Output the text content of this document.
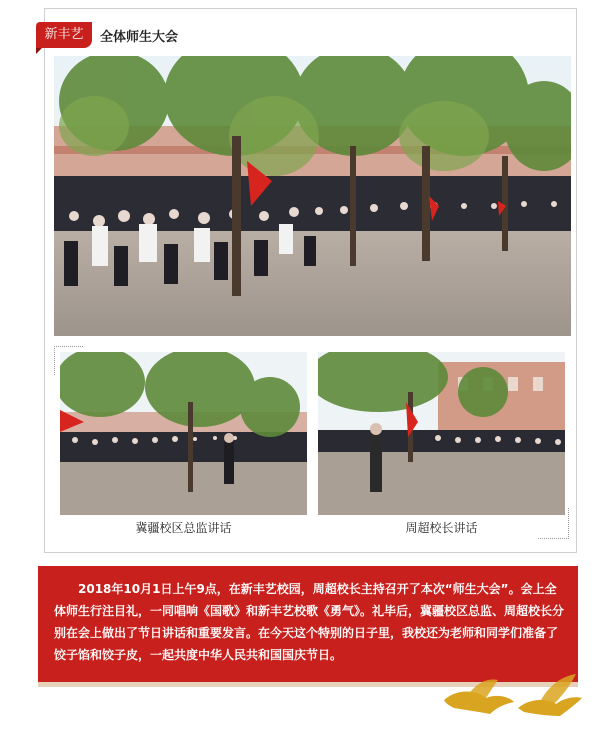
新丰艺	全体师生大会
冀疆校区总监讲话	周超校长讲话
2018年10月1日上午9点，在新丰艺校园，周超校长主持召开了本次“师生大会”。会上全体师生行注目礼，一同唱响《国歌》和新丰艺校歌《勇气》。礼毕后，冀疆校区总监、周超校长分别在会上做出了节日讲话和重要发言。在今天这个特别的日子里，我校还为老师和同学们准备了饺子馅和饺子皮，一起共度中华人民共和国国庆节日。
